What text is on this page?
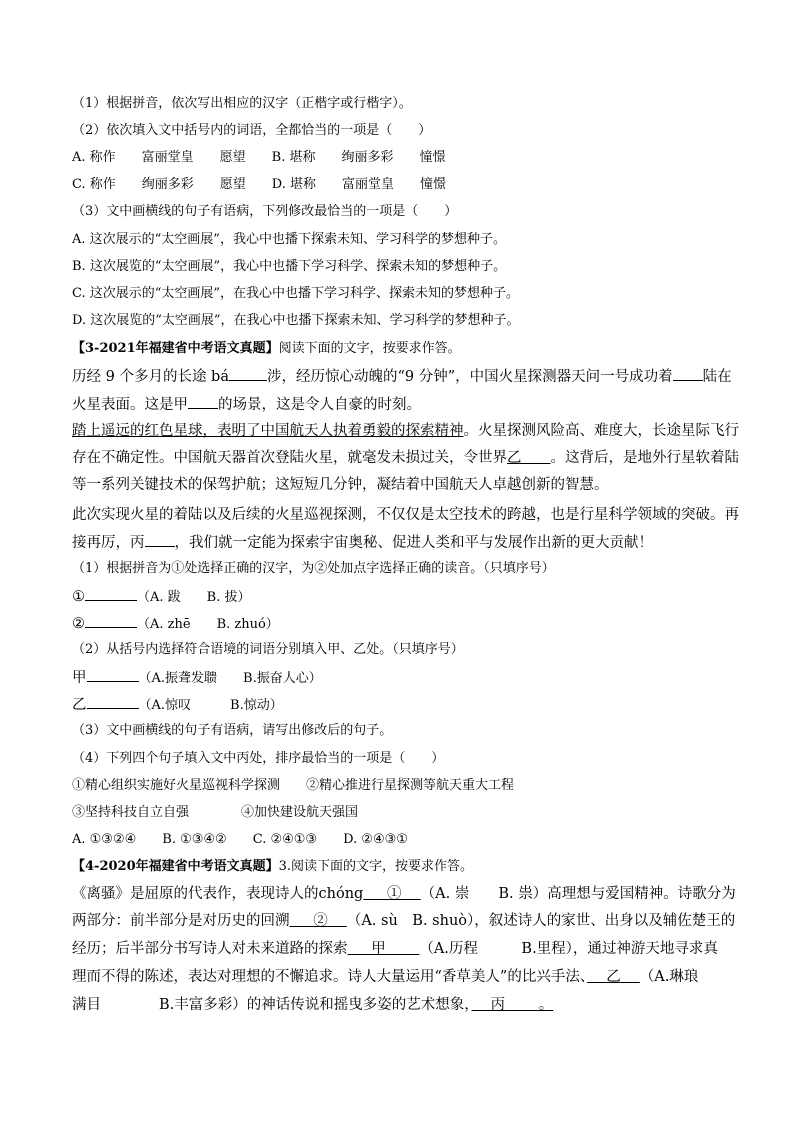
（1）根据拼音，依次写出相应的汉字（正楷字或行楷字）。
（2）依次填入文中括号内的词语，全都恰当的一项是（　　）
A. 称作　　富丽堂皇　　愿望　　B. 堪称　　绚丽多彩　　憧憬
C. 称作　　绚丽多彩　　愿望　　D. 堪称　　富丽堂皇　　憧憬
（3）文中画横线的句子有语病，下列修改最恰当的一项是（　　）
A. 这次展示的“太空画展”，我心中也播下探索未知、学习科学的梦想种子。
B. 这次展览的“太空画展”，我心中也播下学习科学、探索未知的梦想种子。
C. 这次展示的“太空画展”，在我心中也播下学习科学、探索未知的梦想种子。
D. 这次展览的“太空画展”，在我心中也播下探索未知、学习科学的梦想种子。
【3-2021年福建省中考语文真题】阅读下面的文字，按要求作答。
历经 9 个多月的长途 bá	涉，经历惊心动魄的“9 分钟”，中国火星探测器天问一号成功着 陆在
火星表面。这是甲 的场景，这是令人自豪的时刻。
踏上遥远的红色星球，表明了中国航天人执着勇毅的探索精神。火星探测风险高、难度大，长途星际飞行
存在不确定性。中国航天器首次登陆火星，就毫发未损过关，令世界乙　　 。这背后，是地外行星软着陆
等一系列关键技术的保驾护航；这短短几分钟，凝结着中国航天人卓越创新的智慧。
此次实现火星的着陆以及后续的火星巡视探测，不仅仅是太空技术的跨越，也是行星科学领域的突破。再
接再厉，丙 ，我们就一定能为探索宇宙奥秘、促进人类和平与发展作出新的更大贡献！
（1）根据拼音为①处选择正确的汉字，为②处加点字选择正确的读音。（只填序号）
①	（A. 跋　　B. 拔）
②	（A. zhē　　B. zhuó）
（2）从括号内选择符合语境的词语分别填入甲、乙处。（只填序号）
甲	（A.振聋发聩　　B.振奋人心）
乙	（A.惊叹　　　B.惊动）
（3）文中画横线的句子有语病，请写出修改后的句子。
（4）下列四个句子填入文中丙处，排序最恰当的一项是（　　）
①精心组织实施好火星巡视科学探测　　②精心推进行星探测等航天重大工程
③坚持科技自立自强　　　　④加快建设航天强国
A. ①③②④　　B. ①③④②　　C. ②④①③　　D. ②④③①
【4-2020年福建省中考语文真题】3.阅读下面的文字，按要求作答。
《离骚》是屈原的代表作，表现诗人的chóng　 ①　 （A. 崇　　B. 祟）高理想与爱国精神。诗歌分为
两部分：前半部分是对历史的回溯　 ②　 （A. sù　B. shuò），叙述诗人的家世、出身以及辅佐楚王的
经历；后半部分书写诗人对未来道路的探索　 甲　　 （A.历程　　　B.里程），通过神游天地寻求真
理而不得的陈述，表达对理想的不懈追求。诗人大量运用“香草美人”的比兴手法、　 乙　 （A.琳琅
满目　　　　B.丰富多彩）的神话传说和摇曳多姿的艺术想象，　 丙　　 。
